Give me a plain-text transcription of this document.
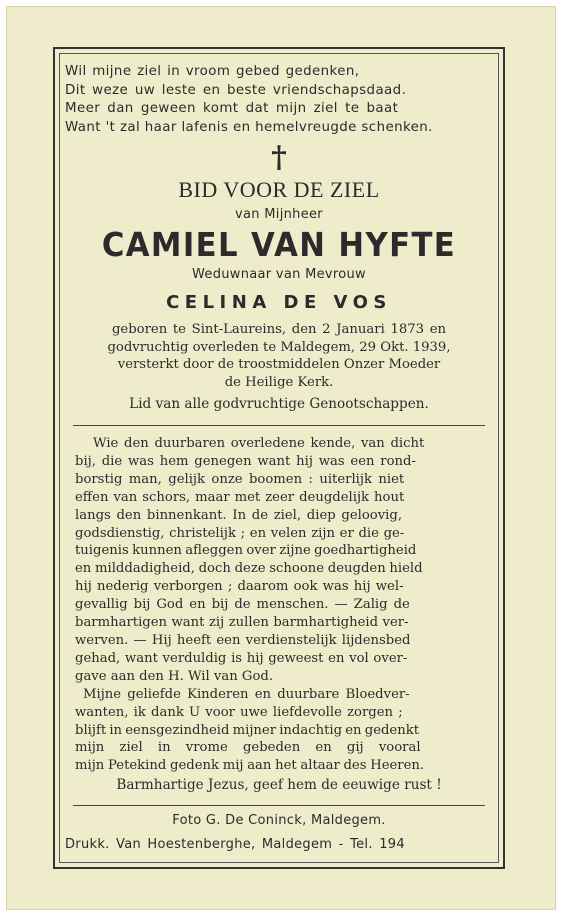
Wil mijne ziel in vroom gebed gedenken,
Dit weze uw leste en beste vriendschapsdaad.
Meer dan geween komt dat mijn ziel te baat
Want 't zal haar lafenis en hemelvreugde schenken.
†
BID VOOR DE ZIEL
van Mijnheer
CAMIEL VAN HYFTE
Weduwnaar van Mevrouw
CELINA DE VOS
geboren te Sint-Laureins, den 2 Januari 1873 en
godvruchtig overleden te Maldegem, 29 Okt. 1939,
versterkt door de troostmiddelen Onzer Moeder
de Heilige Kerk.
Lid van alle godvruchtige Genootschappen.
Wie den duurbaren overledene kende, van dicht
bij, die was hem genegen want hij was een rond-
borstig man, gelijk onze boomen : uiterlijk niet
effen van schors, maar met zeer deugdelijk hout
langs den binnenkant. In de ziel, diep geloovig,
godsdienstig, christelijk ; en velen zijn er die ge-
tuigenis kunnen afleggen over zijne goedhartigheid
en milddadigheid, doch deze schoone deugden hield
hij nederig verborgen ; daarom ook was hij wel-
gevallig bij God en bij de menschen. — Zalig de
barmhartigen want zij zullen barmhartigheid ver-
werven. — Hij heeft een verdienstelijk lijdensbed
gehad, want verduldig is hij geweest en vol over-
gave aan den H. Wil van God.
Mijne geliefde Kinderen en duurbare Bloedver-
wanten, ik dank U voor uwe liefdevolle zorgen ;
blijft in eensgezindheid mijner indachtig en gedenkt
mijn ziel in vrome gebeden en gij vooral
mijn Petekind gedenk mij aan het altaar des Heeren.
Barmhartige Jezus, geef hem de eeuwige rust !
Foto G. De Coninck, Maldegem.
Drukk. Van Hoestenberghe, Maldegem - Tel. 194
